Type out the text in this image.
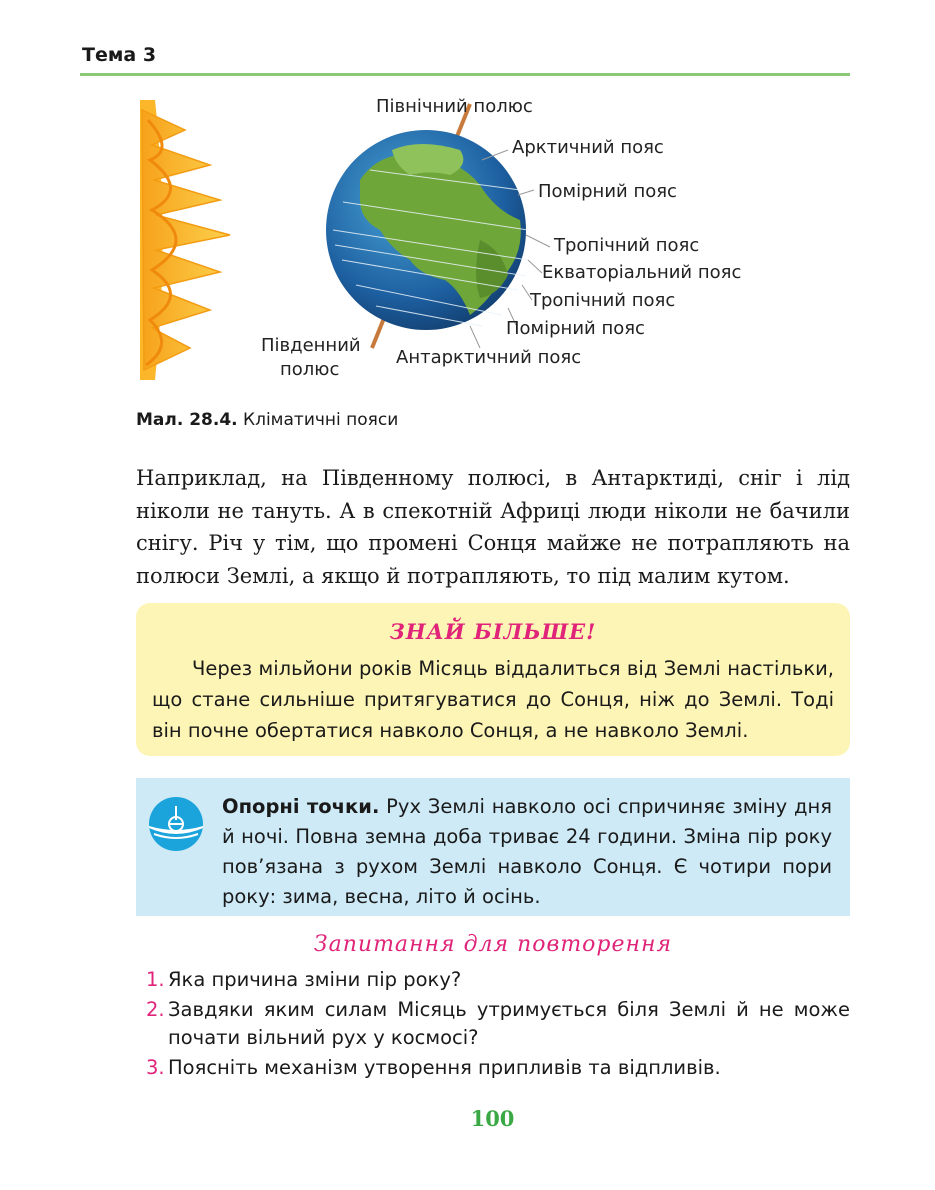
Тема 3
Північний полюс
Арктичний пояс
Помірний пояс
Тропічний пояс
Екваторіальний пояс
Тропічний пояс
Помірний пояс
Антарктичний пояс
Південний
полюс
Мал. 28.4. Кліматичні пояси
Наприклад, на Південному полюсі, в Антарктиді, сніг і лід ніколи не тануть. А в спекотній Африці люди ніколи не бачили снігу. Річ у тім, що промені Сонця майже не потрапляють на полюси Землі, а якщо й потрапляють, то під малим кутом.
ЗНАЙ БІЛЬШЕ!
Через мільйони років Місяць віддалиться від Землі настільки, що стане сильніше притягуватися до Сонця, ніж до Землі. Тоді він почне обертатися навколо Сонця, а не навколо Землі.
Опорні точки. Рух Землі навколо осі спричиняє зміну дня й ночі. Повна земна доба триває 24 години. Зміна пір року пов’язана з рухом Землі навколо Сонця. Є чотири пори року: зима, весна, літо й осінь.
Запитання для повторення
1. Яка причина зміни пір року?
2. Завдяки яким силам Місяць утримується біля Землі й не може почати вільний рух у космосі?
3. Поясніть механізм утворення припливів та відпливів.
100
